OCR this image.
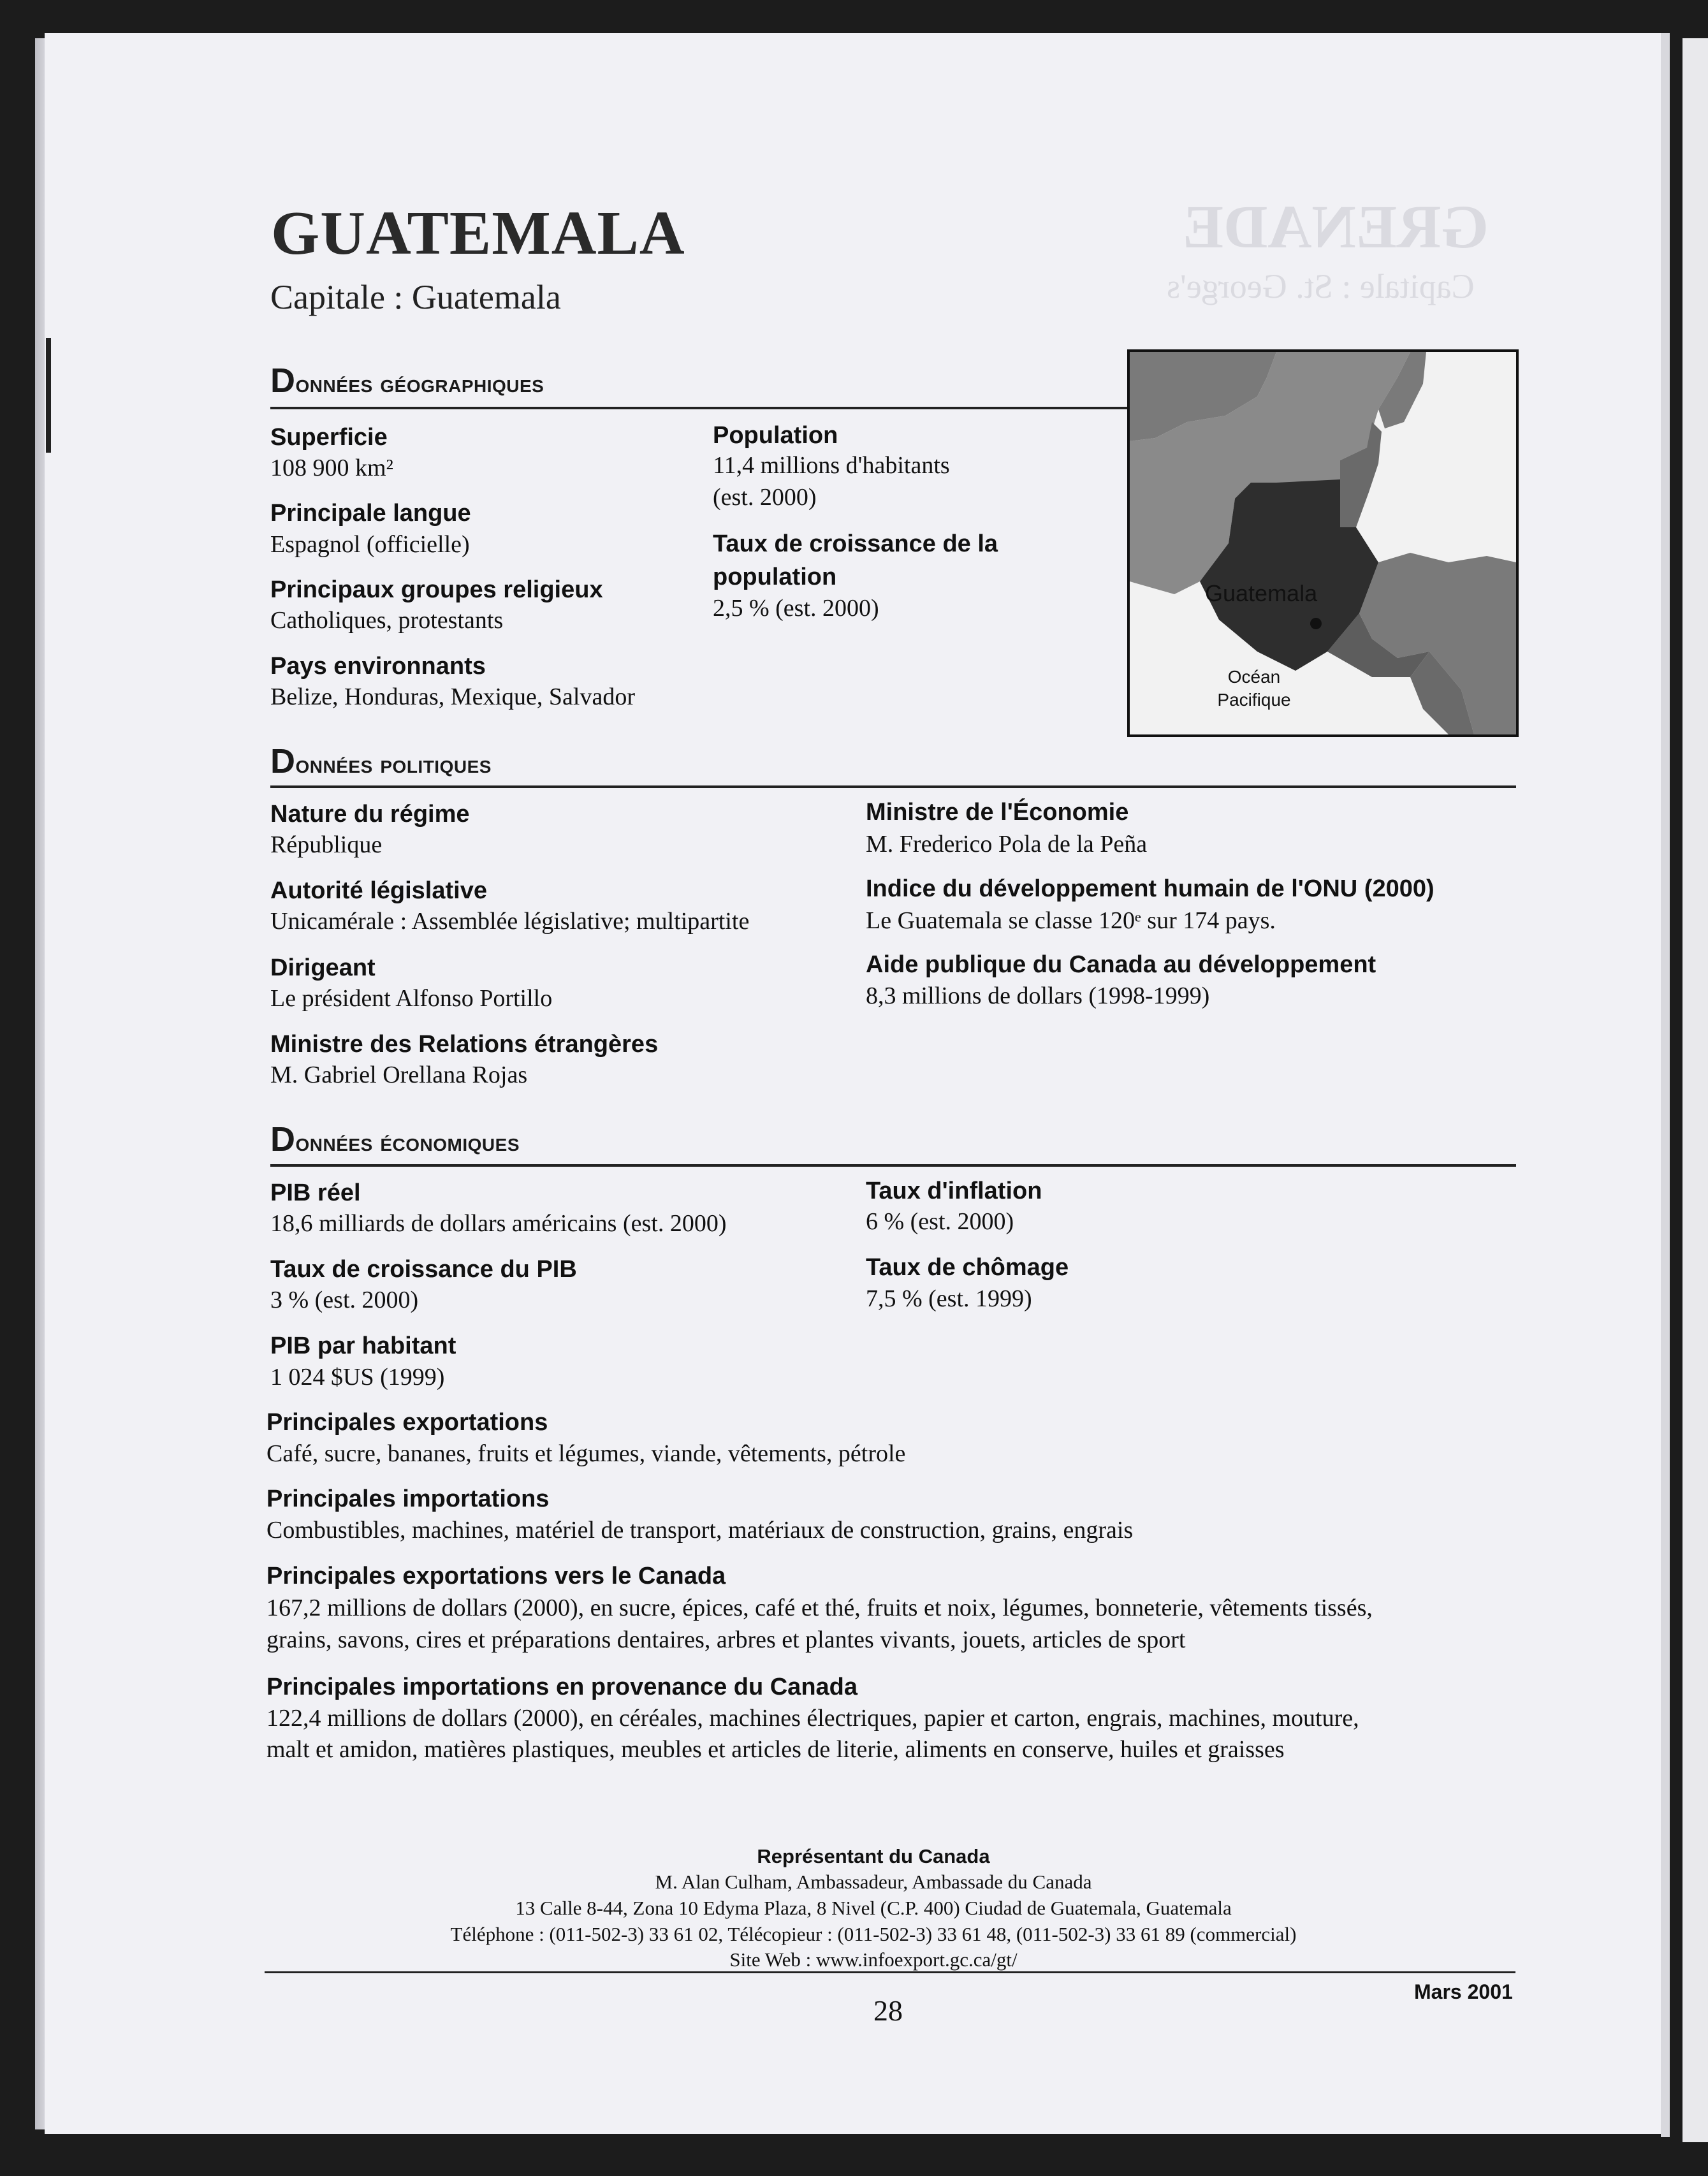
GRENADE
Capitale : St. George's
GUATEMALA
Capitale : Guatemala
Données géographiques
Superficie
108 900 km²
Principale langue
Espagnol (officielle)
Principaux groupes religieux
Catholiques, protestants
Pays environnants
Belize, Honduras, Mexique, Salvador
Population
11,4 millions d'habitants
(est. 2000)
Taux de croissance de la
population
2,5 % (est. 2000)
Guatemala
Océan
Pacifique
Données politiques
Nature du régime
République
Autorité législative
Unicamérale : Assemblée législative; multipartite
Dirigeant
Le président Alfonso Portillo
Ministre des Relations étrangères
M. Gabriel Orellana Rojas
Ministre de l'Économie
M. Frederico Pola de la Peña
Indice du développement humain de l'ONU (2000)
Le Guatemala se classe 120ᵉ sur 174 pays.
Aide publique du Canada au développement
8,3 millions de dollars (1998-1999)
Données économiques
PIB réel
18,6 milliards de dollars américains (est. 2000)
Taux de croissance du PIB
3 % (est. 2000)
PIB par habitant
1 024 $US (1999)
Taux d'inflation
6 % (est. 2000)
Taux de chômage
7,5 % (est. 1999)
Principales exportations
Café, sucre, bananes, fruits et légumes, viande, vêtements, pétrole
Principales importations
Combustibles, machines, matériel de transport, matériaux de construction, grains, engrais
Principales exportations vers le Canada
167,2 millions de dollars (2000), en sucre, épices, café et thé, fruits et noix, légumes, bonneterie, vêtements tissés,
grains, savons, cires et préparations dentaires, arbres et plantes vivants, jouets, articles de sport
Principales importations en provenance du Canada
122,4 millions de dollars (2000), en céréales, machines électriques, papier et carton, engrais, machines, mouture,
malt et amidon, matières plastiques, meubles et articles de literie, aliments en conserve, huiles et graisses
Représentant du Canada
M. Alan Culham, Ambassadeur, Ambassade du Canada
13 Calle 8-44, Zona 10 Edyma Plaza, 8 Nivel (C.P. 400) Ciudad de Guatemala, Guatemala
Téléphone : (011-502-3) 33 61 02, Télécopieur : (011-502-3) 33 61 48, (011-502-3) 33 61 89 (commercial)
Site Web : www.infoexport.gc.ca/gt/
28
Mars 2001
